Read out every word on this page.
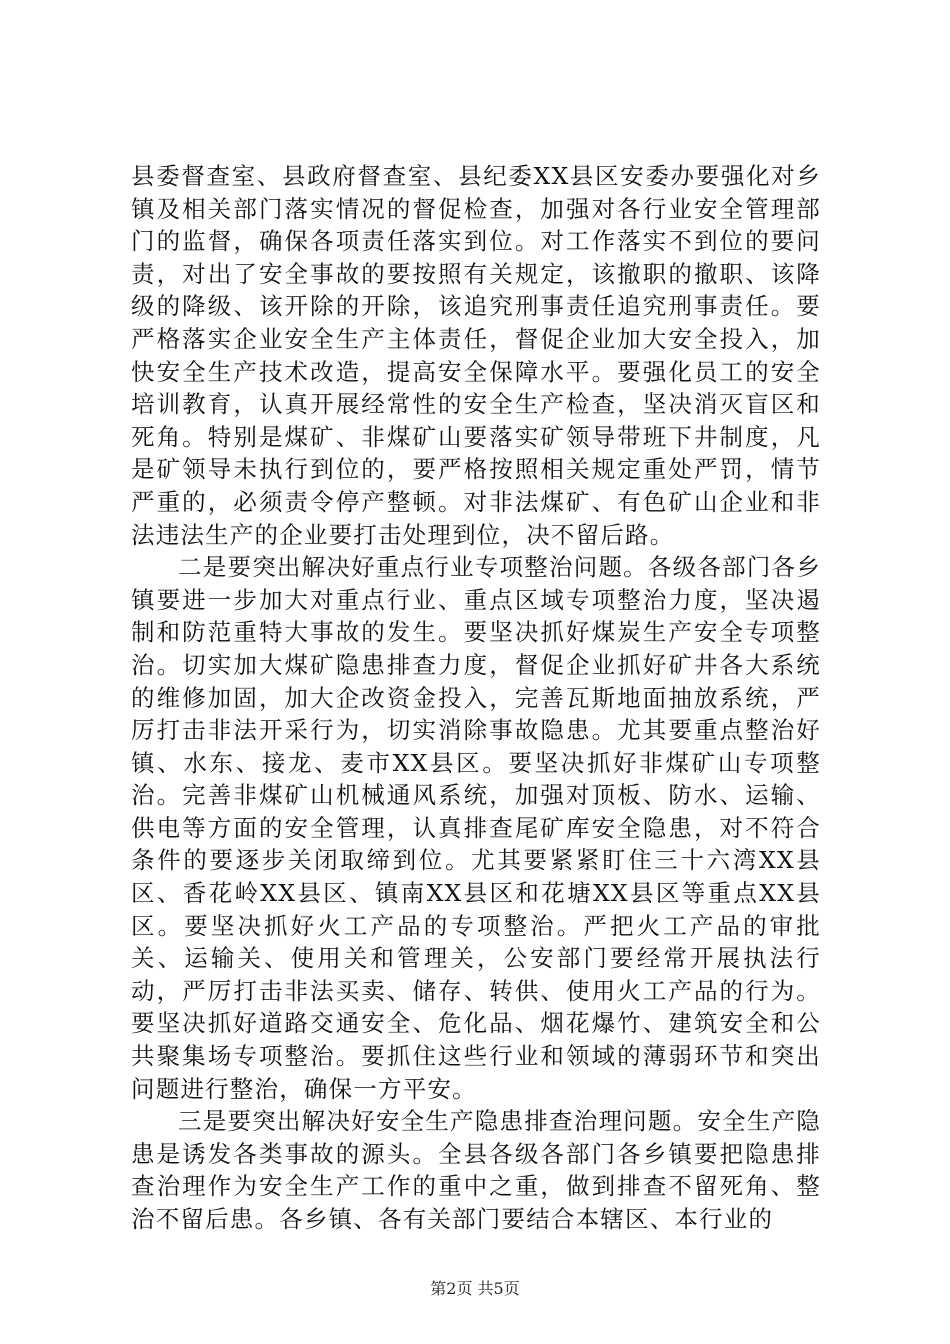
县委督查室、县政府督查室、县纪委XX县区安委办要强化对乡镇及相关部门落实情况的督促检查，加强对各行业安全管理部门的监督，确保各项责任落实到位。对工作落实不到位的要问责，对出了安全事故的要按照有关规定，该撤职的撤职、该降级的降级、该开除的开除，该追究刑事责任追究刑事责任。要严格落实企业安全生产主体责任，督促企业加大安全投入，加快安全生产技术改造，提高安全保障水平。要强化员工的安全培训教育，认真开展经常性的安全生产检查，坚决消灭盲区和死角。特别是煤矿、非煤矿山要落实矿领导带班下井制度，凡是矿领导未执行到位的，要严格按照相关规定重处严罚，情节严重的，必须责令停产整顿。对非法煤矿、有色矿山企业和非法违法生产的企业要打击处理到位，决不留后路。

二是要突出解决好重点行业专项整治问题。各级各部门各乡镇要进一步加大对重点行业、重点区域专项整治力度，坚决遏制和防范重特大事故的发生。要坚决抓好煤炭生产安全专项整治。切实加大煤矿隐患排查力度，督促企业抓好矿井各大系统的维修加固，加大企改资金投入，完善瓦斯地面抽放系统，严厉打击非法开采行为，切实消除事故隐患。尤其要重点整治好镇、水东、接龙、麦市XX县区。要坚决抓好非煤矿山专项整治。完善非煤矿山机械通风系统，加强对顶板、防水、运输、供电等方面的安全管理，认真排查尾矿库安全隐患，对不符合条件的要逐步关闭取缔到位。尤其要紧紧盯住三十六湾XX县区、香花岭XX县区、镇南XX县区和花塘XX县区等重点XX县区。要坚决抓好火工产品的专项整治。严把火工产品的审批关、运输关、使用关和管理关，公安部门要经常开展执法行动，严厉打击非法买卖、储存、转供、使用火工产品的行为。要坚决抓好道路交通安全、危化品、烟花爆竹、建筑安全和公共聚集场专项整治。要抓住这些行业和领域的薄弱环节和突出问题进行整治，确保一方平安。

三是要突出解决好安全生产隐患排查治理问题。安全生产隐患是诱发各类事故的源头。全县各级各部门各乡镇要把隐患排查治理作为安全生产工作的重中之重，做到排查不留死角、整治不留后患。各乡镇、各有关部门要结合本辖区、本行业的

第2页 共5页
